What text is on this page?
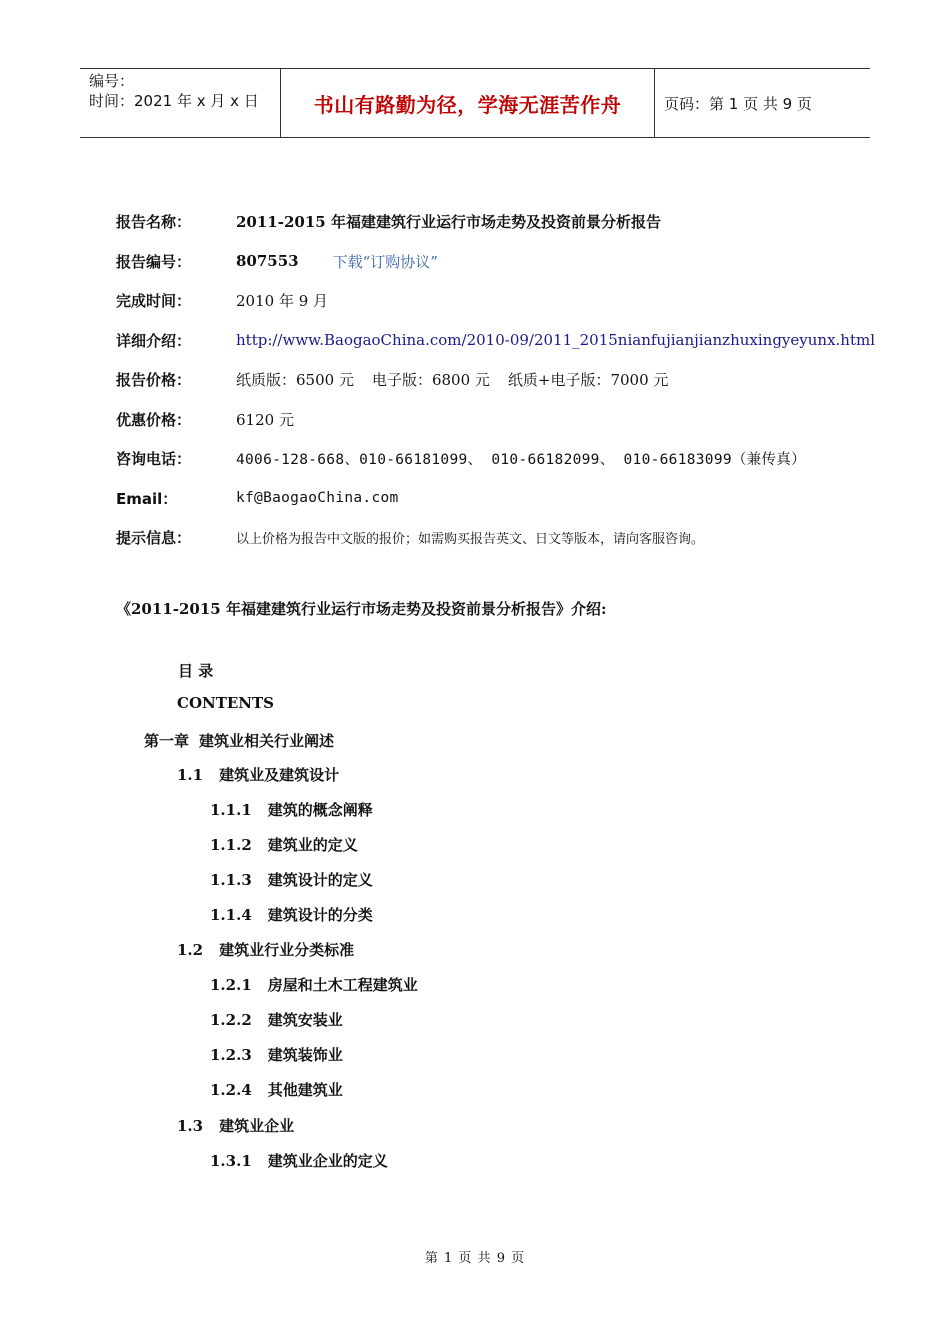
编号：
时间：2021 年 x 月 x 日	书山有路勤为径，学海无涯苦作舟	页码：第 1 页 共 9 页
报告名称：	2011-2015 年福建建筑行业运行市场走势及投资前景分析报告
报告编号：	807553 下载“订购协议”
完成时间：	2010 年 9 月
详细介绍：	http://www.BaogaoChina.com/2010-09/2011_2015nianfujianjianzhuxingyeyunx.html
报告价格：	纸质版：6500 元 电子版：6800 元 纸质+电子版：7000 元
优惠价格：	6120 元
咨询电话：	4006-128-668、010-66181099、 010-66182099、 010-66183099（兼传真）
Email：	kf@BaogaoChina.com
提示信息：	以上价格为报告中文版的报价；如需购买报告英文、日文等版本，请向客服咨询。
《2011-2015 年福建建筑行业运行市场走势及投资前景分析报告》介绍:
目 录
CONTENTS
第一章 建筑业相关行业阐述
1.1 建筑业及建筑设计
1.1.1 建筑的概念阐释
1.1.2 建筑业的定义
1.1.3 建筑设计的定义
1.1.4 建筑设计的分类
1.2 建筑业行业分类标准
1.2.1 房屋和土木工程建筑业
1.2.2 建筑安装业
1.2.3 建筑装饰业
1.2.4 其他建筑业
1.3 建筑业企业
1.3.1 建筑业企业的定义
第 1 页 共 9 页
